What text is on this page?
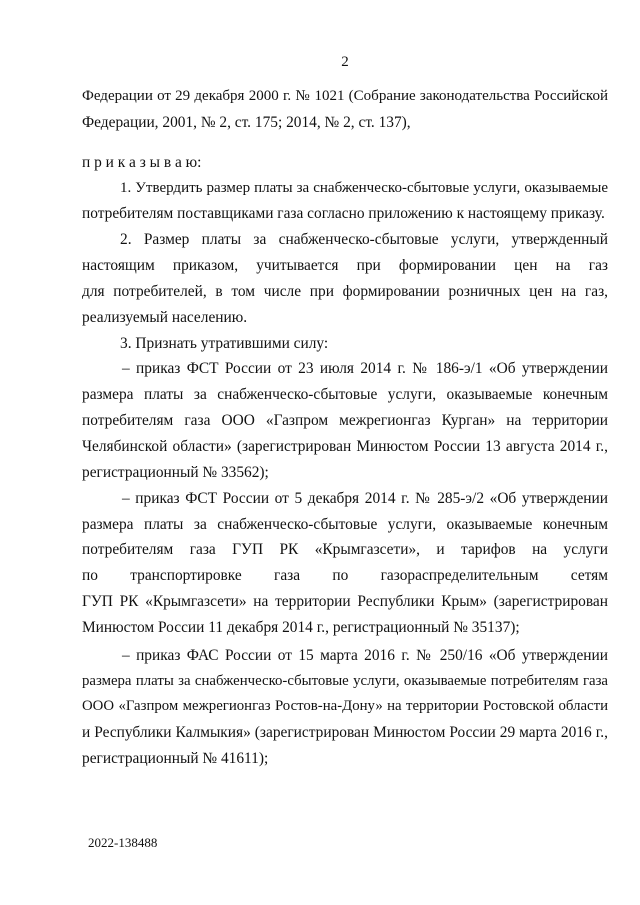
2
Федерации от 29 декабря 2000 г. № 1021 (Собрание законодательства Российской
Федерации, 2001, № 2, ст. 175; 2014, № 2, ст. 137),
п р и к а з ы в а ю:
1. Утвердить размер платы за снабженческо-сбытовые услуги, оказываемые
потребителям поставщиками газа согласно приложению к настоящему приказу.
2. Размер платы за снабженческо-сбытовые услуги, утвержденный
настоящим приказом, учитывается при формировании цен на газ
для потребителей, в том числе при формировании розничных цен на газ,
реализуемый населению.
3. Признать утратившими силу:
– приказ ФСТ России от 23 июля 2014 г. № 186-э/1 «Об утверждении
размера платы за снабженческо-сбытовые услуги, оказываемые конечным
потребителям газа ООО «Газпром межрегионгаз Курган» на территории
Челябинской области» (зарегистрирован Минюстом России 13 августа 2014 г.,
регистрационный № 33562);
– приказ ФСТ России от 5 декабря 2014 г. № 285-э/2 «Об утверждении
размера платы за снабженческо-сбытовые услуги, оказываемые конечным
потребителям газа ГУП РК «Крымгазсети», и тарифов на услуги
по транспортировке газа по газораспределительным сетям
ГУП РК «Крымгазсети» на территории Республики Крым» (зарегистрирован
Минюстом России 11 декабря 2014 г., регистрационный № 35137);
– приказ ФАС России от 15 марта 2016 г. № 250/16 «Об утверждении
размера платы за снабженческо-сбытовые услуги, оказываемые потребителям газа
ООО «Газпром межрегионгаз Ростов-на-Дону» на территории Ростовской области
и Республики Калмыкия» (зарегистрирован Минюстом России 29 марта 2016 г.,
регистрационный № 41611);
2022-138488
